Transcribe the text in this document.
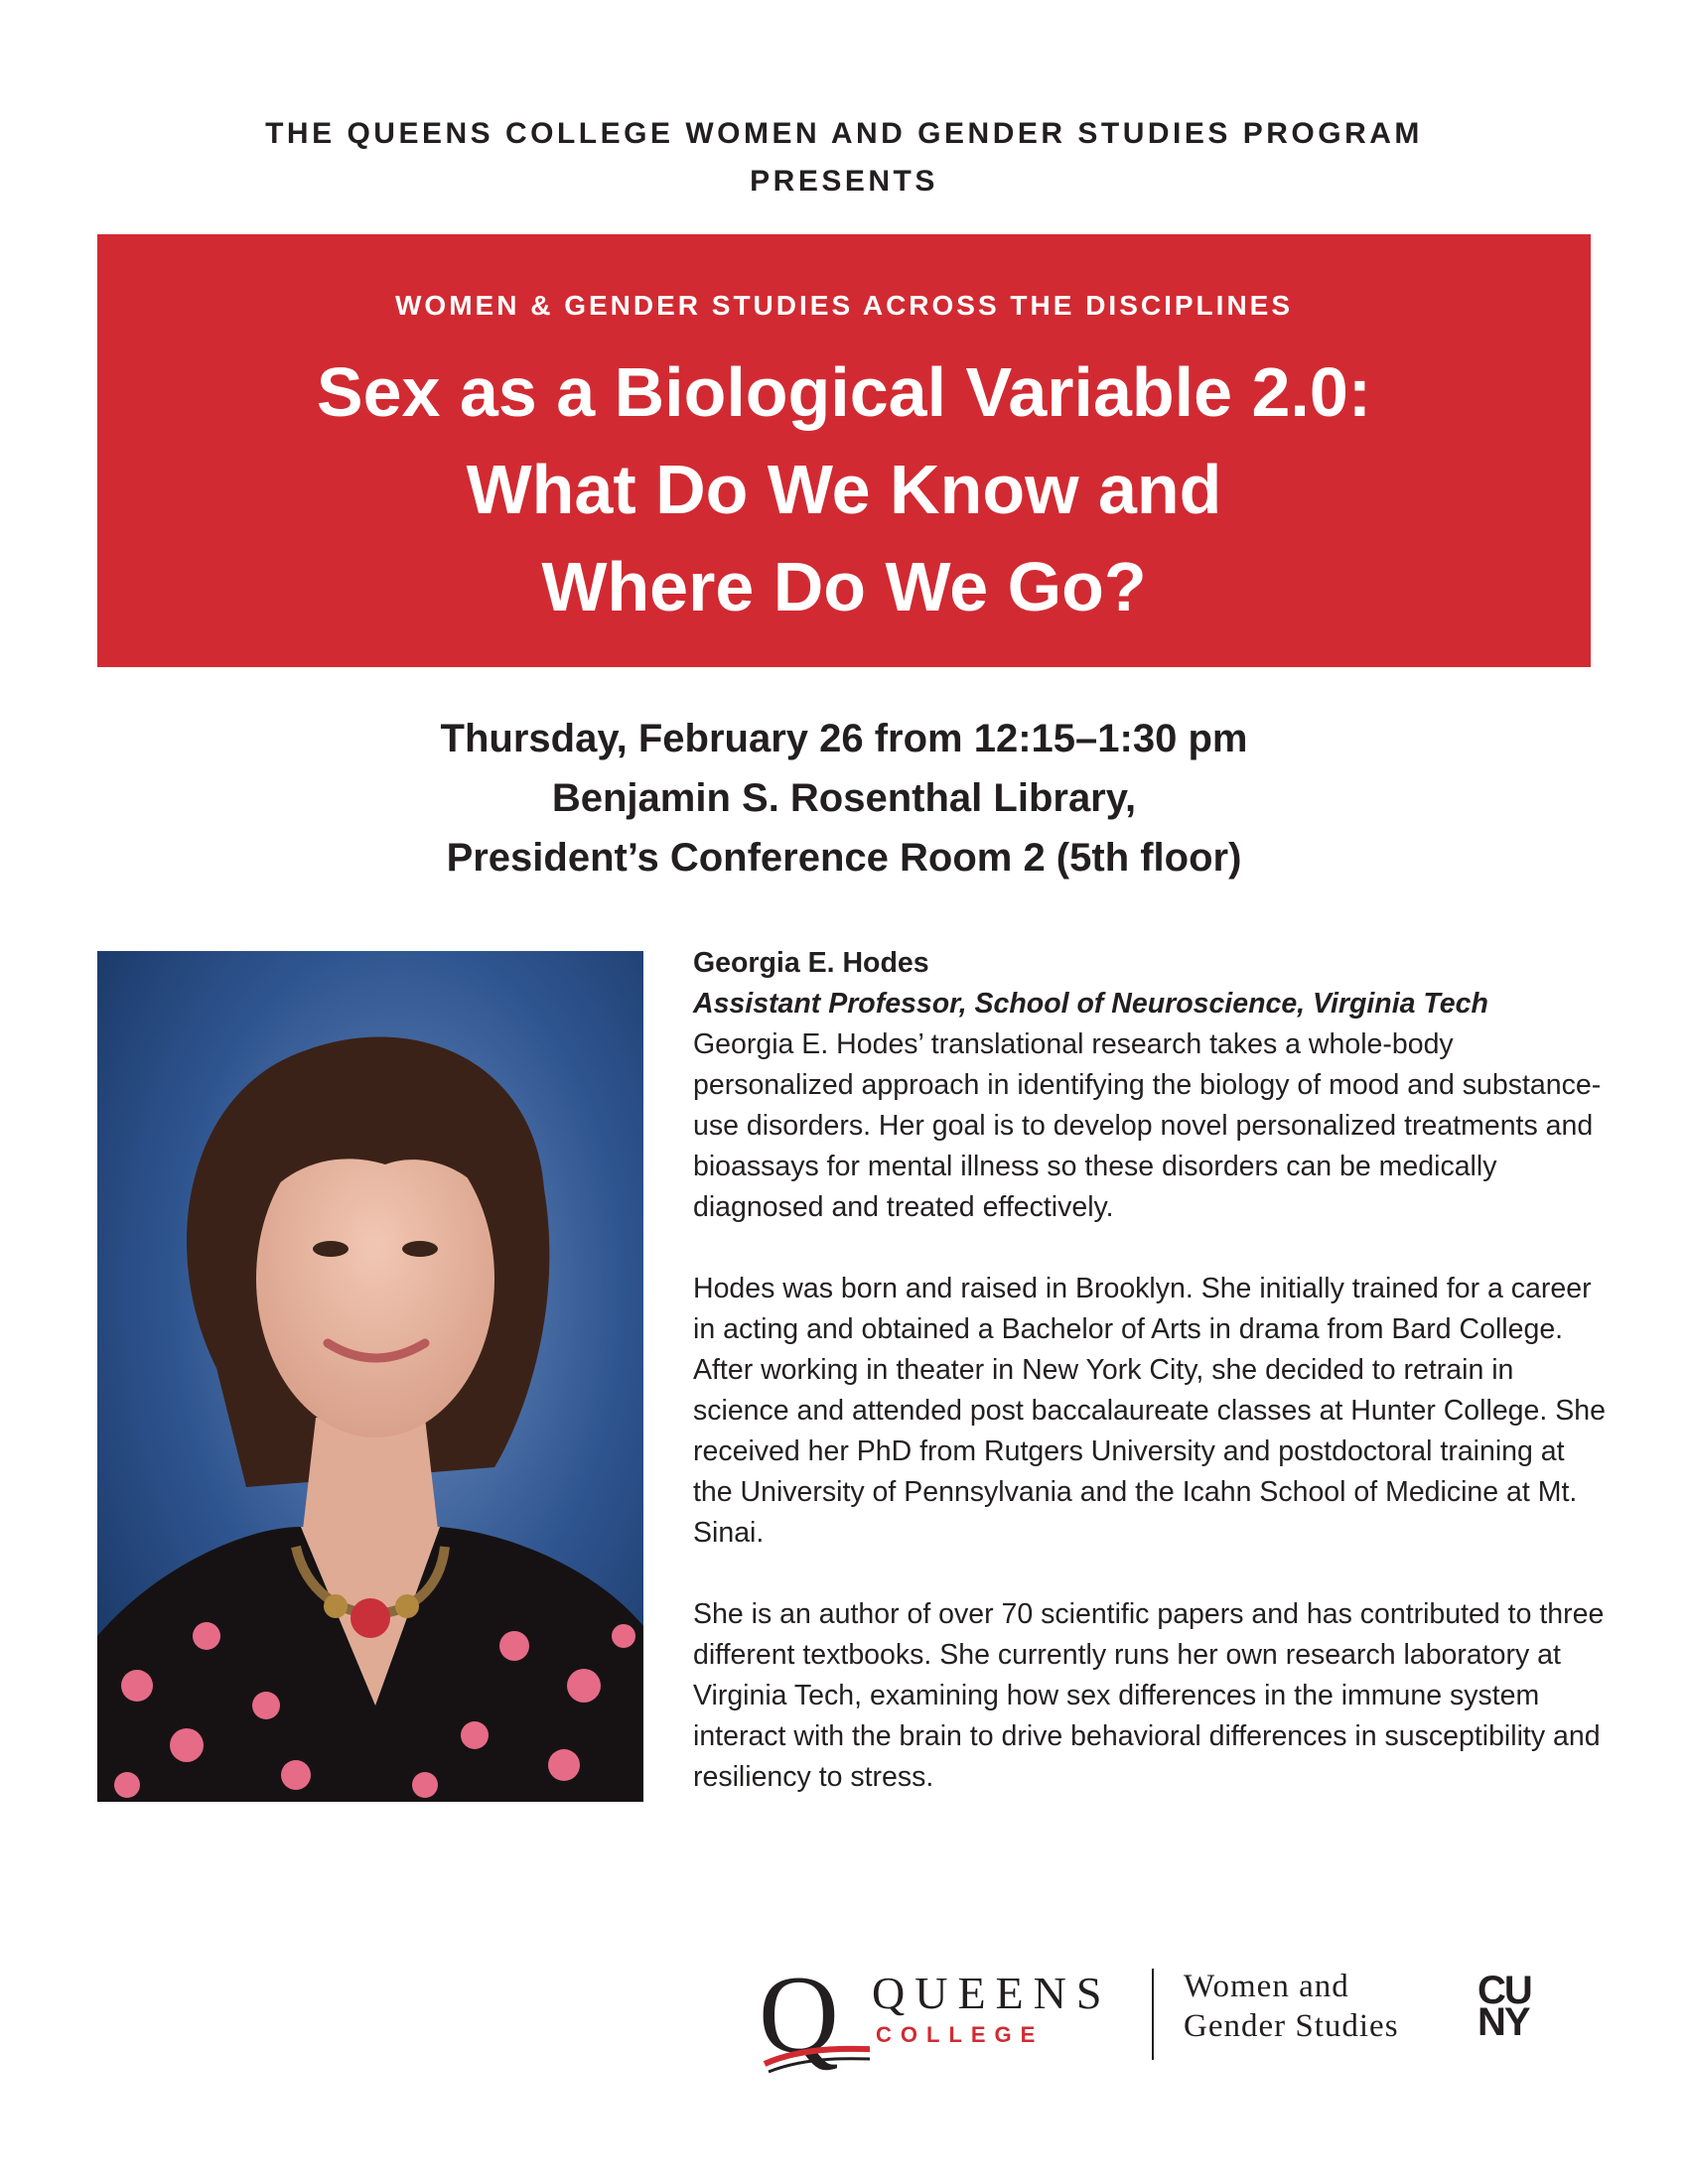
THE QUEENS COLLEGE WOMEN AND GENDER STUDIES PROGRAM
PRESENTS
WOMEN & GENDER STUDIES ACROSS THE DISCIPLINES
Sex as a Biological Variable 2.0:
What Do We Know and
Where Do We Go?
Thursday, February 26 from 12:15–1:30 pm
Benjamin S. Rosenthal Library,
President’s Conference Room 2 (5th floor)
Georgia E. Hodes
Assistant Professor, School of Neuroscience, Virginia Tech

Georgia E. Hodes’ translational research takes a whole-body personalized approach in identifying the biology of mood and substance-use disorders. Her goal is to develop novel personalized treatments and bioassays for mental illness so these disorders can be medically diagnosed and treated effectively.

Hodes was born and raised in Brooklyn. She initially trained for a career in acting and obtained a Bachelor of Arts in drama from Bard College. After working in theater in New York City, she decided to retrain in science and attended post baccalaureate classes at Hunter College. She received her PhD from Rutgers University and postdoctoral training at the University of Pennsylvania and the Icahn School of Medicine at Mt. Sinai.

She is an author of over 70 scientific papers and has contributed to three different textbooks. She currently runs her own research laboratory at Virginia Tech, examining how sex differences in the immune system interact with the brain to drive behavioral differences in susceptibility and resiliency to stress.

Q QUEENS
COLLEGE
Women and
Gender Studies
CU
NY
